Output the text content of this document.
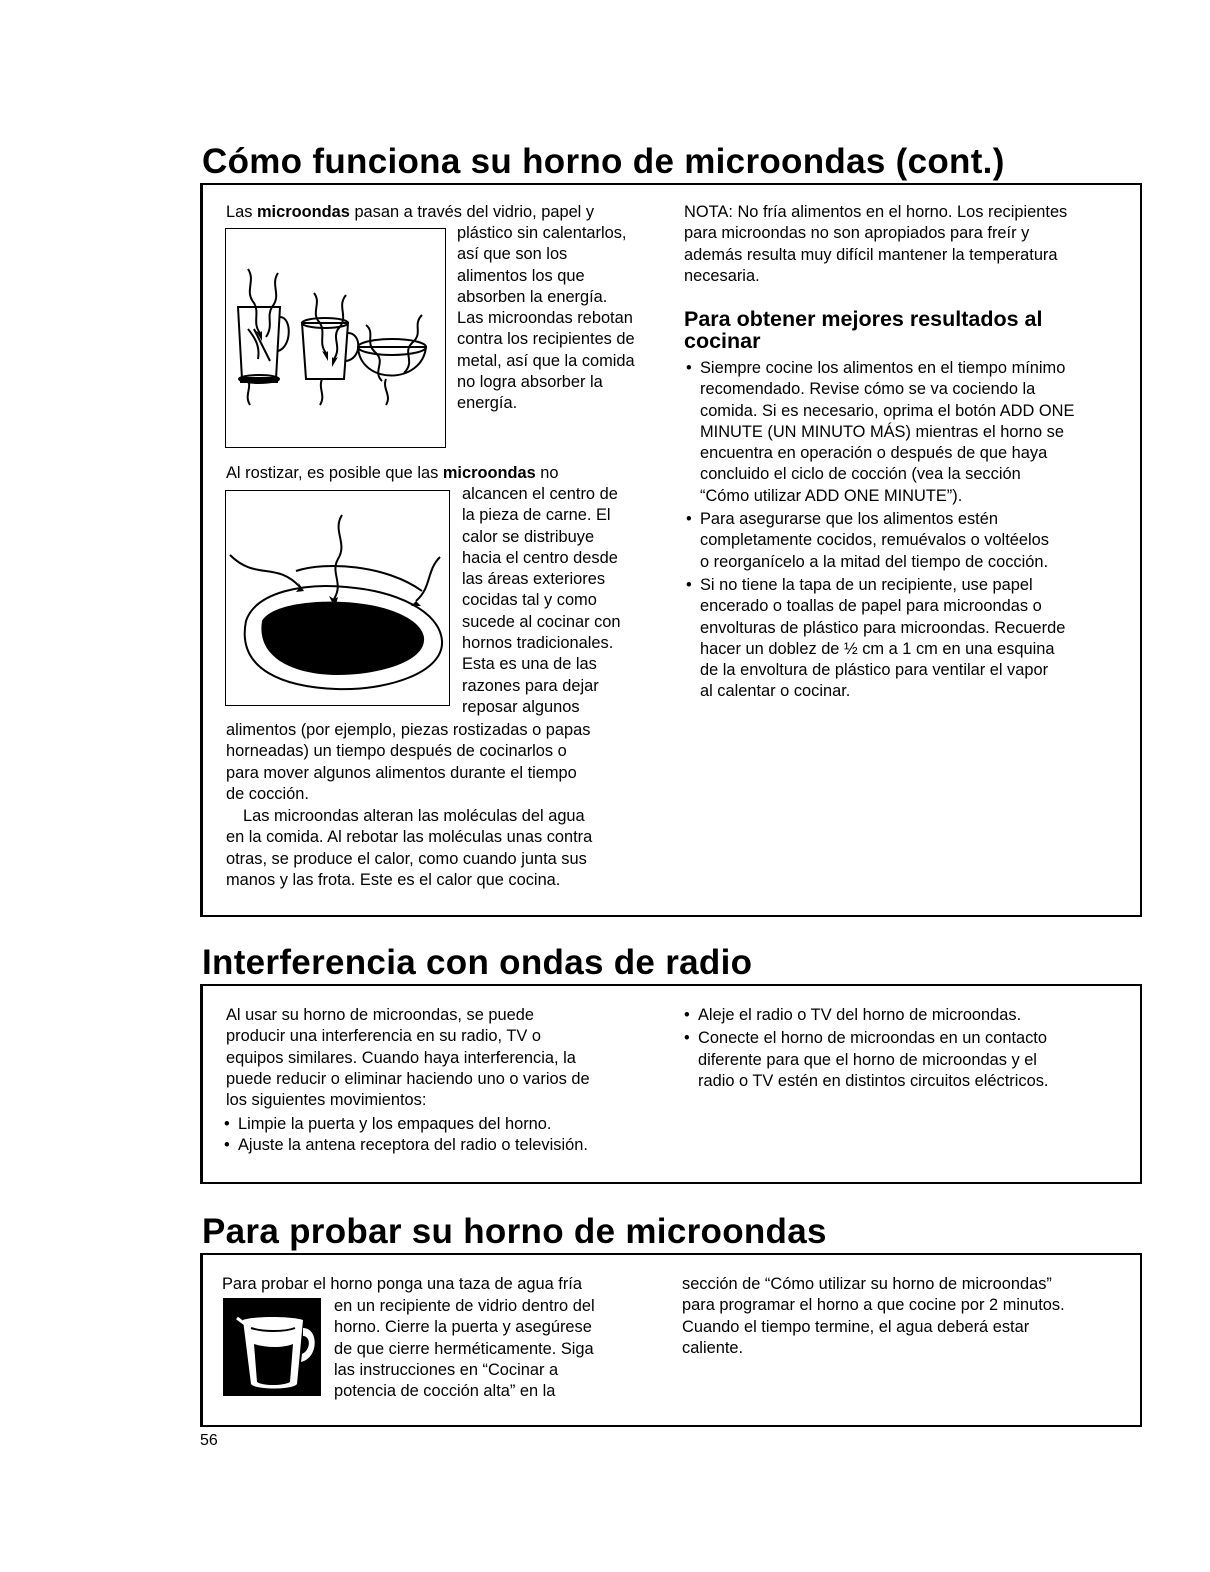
Cómo funciona su horno de microondas (cont.)

Las microondas pasan a través del vidrio, papel y

plástico sin calentarlos,
así que son los
alimentos los que
absorben la energía.
Las microondas rebotan
contra los recipientes de
metal, así que la comida
no logra absorber la
energía.

Al rostizar, es posible que las microondas no

alcancen el centro de
la pieza de carne. El
calor se distribuye
hacia el centro desde
las áreas exteriores
cocidas tal y como
sucede al cocinar con
hornos tradicionales.
Esta es una de las
razones para dejar
reposar algunos
alimentos (por ejemplo, piezas rostizadas o papas
horneadas) un tiempo después de cocinarlos o
para mover algunos alimentos durante el tiempo
de cocción.
Las microondas alteran las moléculas del agua
en la comida. Al rebotar las moléculas unas contra
otras, se produce el calor, como cuando junta sus
manos y las frota. Este es el calor que cocina.
NOTA: No fría alimentos en el horno. Los recipientes
para microondas no son apropiados para freír y
además resulta muy difícil mantener la temperatura
necesaria.
Para obtener mejores resultados al
cocinar
• Siempre cocine los alimentos en el tiempo mínimo
recomendado. Revise cómo se va cociendo la
comida. Si es necesario, oprima el botón ADD ONE
MINUTE (UN MINUTO MÁS) mientras el horno se
encuentra en operación o después de que haya
concluido el ciclo de cocción (vea la sección
“Cómo utilizar ADD ONE MINUTE”).
• Para asegurarse que los alimentos estén
completamente cocidos, remuévalos o voltéelos
o reorganícelo a la mitad del tiempo de cocción.
• Si no tiene la tapa de un recipiente, use papel
encerado o toallas de papel para microondas o
envolturas de plástico para microondas. Recuerde
hacer un doblez de ½ cm a 1 cm en una esquina
de la envoltura de plástico para ventilar el vapor
al calentar o cocinar.
Interferencia con ondas de radio
Al usar su horno de microondas, se puede
producir una interferencia en su radio, TV o
equipos similares. Cuando haya interferencia, la
puede reducir o eliminar haciendo uno o varios de
los siguientes movimientos:
• Limpie la puerta y los empaques del horno.
• Ajuste la antena receptora del radio o televisión.
• Aleje el radio o TV del horno de microondas.
• Conecte el horno de microondas en un contacto
diferente para que el horno de microondas y el
radio o TV estén en distintos circuitos eléctricos.
Para probar su horno de microondas
Para probar el horno ponga una taza de agua fría
en un recipiente de vidrio dentro del
horno. Cierre la puerta y asegúrese
de que cierre herméticamente. Siga
las instrucciones en “Cocinar a
potencia de cocción alta” en la
sección de “Cómo utilizar su horno de microondas”
para programar el horno a que cocine por 2 minutos.
Cuando el tiempo termine, el agua deberá estar
caliente.
56
